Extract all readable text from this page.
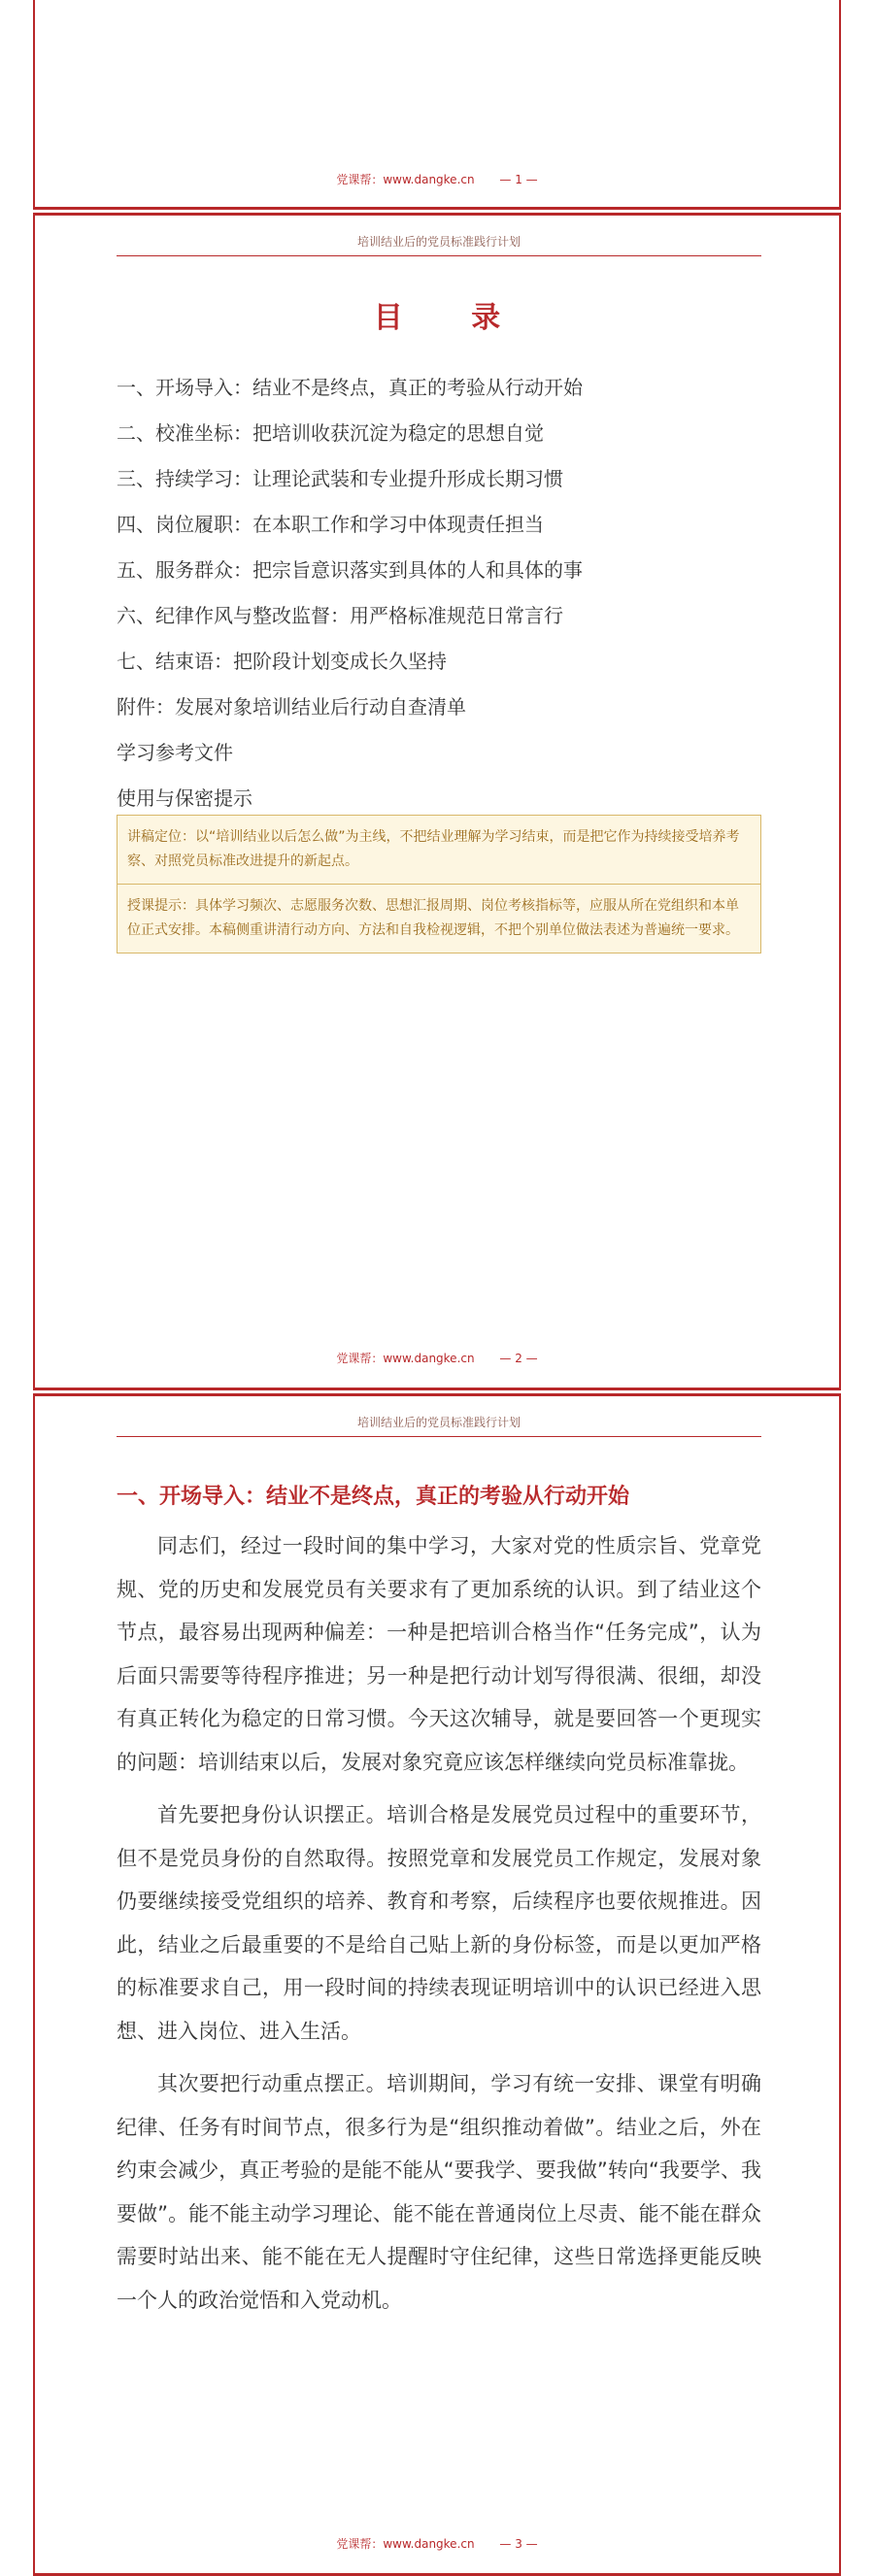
党课帮：www.dangke.cn — 1 —
培训结业后的党员标准践行计划
目 录
一、开场导入：结业不是终点，真正的考验从行动开始
二、校准坐标：把培训收获沉淀为稳定的思想自觉
三、持续学习：让理论武装和专业提升形成长期习惯
四、岗位履职：在本职工作和学习中体现责任担当
五、服务群众：把宗旨意识落实到具体的人和具体的事
六、纪律作风与整改监督：用严格标准规范日常言行
七、结束语：把阶段计划变成长久坚持
附件：发展对象培训结业后行动自查清单
学习参考文件
使用与保密提示
讲稿定位：以“培训结业以后怎么做”为主线，不把结业理解为学习结束，而是把它作为持续接受培养考察、对照党员标准改进提升的新起点。
授课提示：具体学习频次、志愿服务次数、思想汇报周期、岗位考核指标等，应服从所在党组织和本单位正式安排。本稿侧重讲清行动方向、方法和自我检视逻辑，不把个别单位做法表述为普遍统一要求。
党课帮：www.dangke.cn — 2 —
培训结业后的党员标准践行计划
一、开场导入：结业不是终点，真正的考验从行动开始

同志们，经过一段时间的集中学习，大家对党的性质宗旨、党章党规、党的历史和发展党员有关要求有了更加系统的认识。到了结业这个节点，最容易出现两种偏差：一种是把培训合格当作“任务完成”，认为后面只需要等待程序推进；另一种是把行动计划写得很满、很细，却没有真正转化为稳定的日常习惯。今天这次辅导，就是要回答一个更现实的问题：培训结束以后，发展对象究竟应该怎样继续向党员标准靠拢。

首先要把身份认识摆正。培训合格是发展党员过程中的重要环节，但不是党员身份的自然取得。按照党章和发展党员工作规定，发展对象仍要继续接受党组织的培养、教育和考察，后续程序也要依规推进。因此，结业之后最重要的不是给自己贴上新的身份标签，而是以更加严格的标准要求自己，用一段时间的持续表现证明培训中的认识已经进入思想、进入岗位、进入生活。

其次要把行动重点摆正。培训期间，学习有统一安排、课堂有明确纪律、任务有时间节点，很多行为是“组织推动着做”。结业之后，外在约束会减少，真正考验的是能不能从“要我学、要我做”转向“我要学、我要做”。能不能主动学习理论、能不能在普通岗位上尽责、能不能在群众需要时站出来、能不能在无人提醒时守住纪律，这些日常选择更能反映一个人的政治觉悟和入党动机。

党课帮：www.dangke.cn — 3 —
